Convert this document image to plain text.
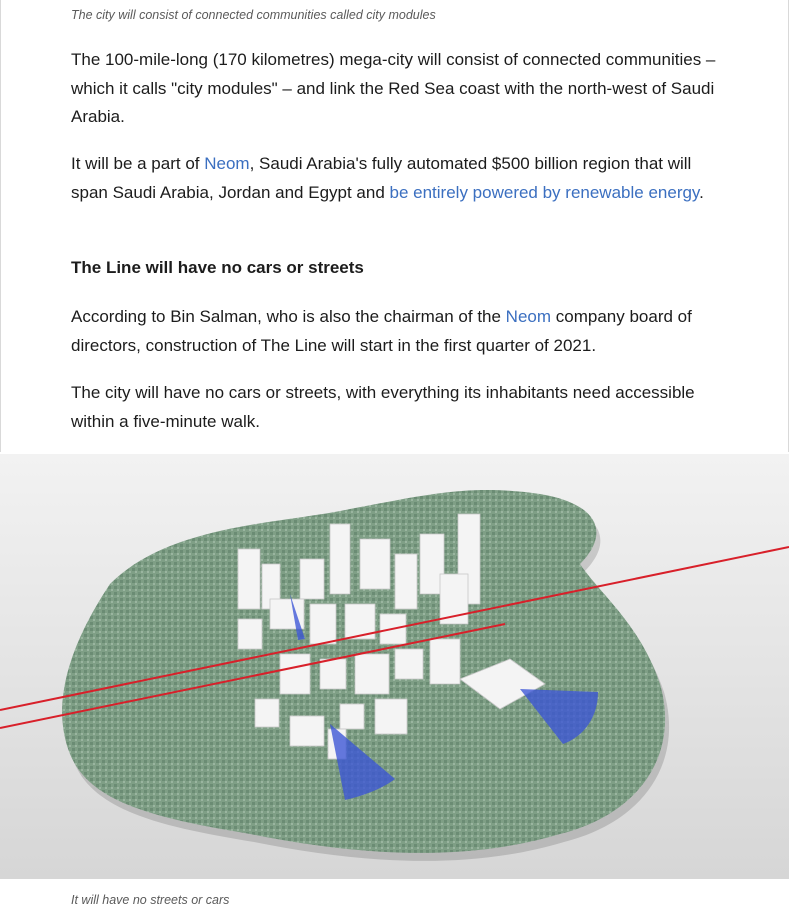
The city will consist of connected communities called city modules

The 100-mile-long (170 kilometres) mega-city will consist of connected communities – which it calls "city modules" – and link the Red Sea coast with the north-west of Saudi Arabia.

It will be a part of Neom, Saudi Arabia's fully automated $500 billion region that will span Saudi Arabia, Jordan and Egypt and be entirely powered by renewable energy.

The Line will have no cars or streets

According to Bin Salman, who is also the chairman of the Neom company board of directors, construction of The Line will start in the first quarter of 2021.

The city will have no cars or streets, with everything its inhabitants need accessible within a five-minute walk.

It will have no streets or cars
